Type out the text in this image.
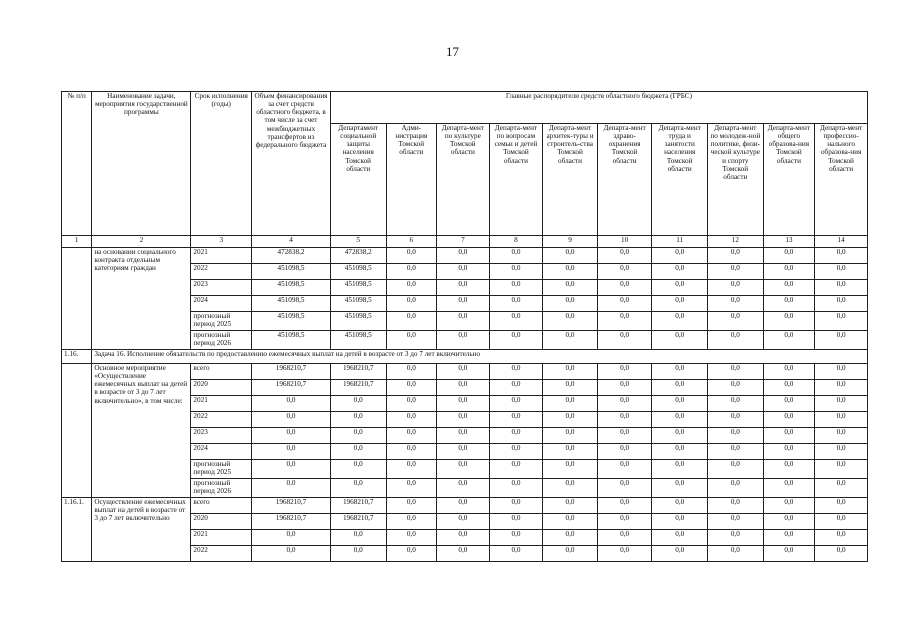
17
№ п/п	Наименование задачи, мероприятия государственной программы	Срок исполнения (годы)	Объем финансирования за счет средств областного бюджета, в том числе за счет межбюджетных трансфертов из федерального бюджета	Главные распорядители средств областного бюджета (ГРБС)									
				Департамент социальной защиты населения Томской области	Адми-нистрация Томской области	Департа-мент по культуре Томской области	Департа-мент по вопросам семьи и детей Томской области	Департа-мент архитек-туры и строитель-ства Томской области	Департа-мент здраво-охранения Томской области	Департа-мент труда и занятости населения Томской области	Департа-мент по молодеж-ной политике, физи-ческой культуре и спорту Томской области	Департа-мент общего образова-ния Томской области	Департа-мент профессио-нального образова-ния Томской области
1	2	3	4	5	6	7	8	9	10	11	12	13	14
	на основании социального контракта отдельным категориям граждан	2021	472838,2	472838,2	0,0	0,0	0,0	0,0	0,0	0,0	0,0	0,0	0,0
		2022	451098,5	451098,5	0,0	0,0	0,0	0,0	0,0	0,0	0,0	0,0	0,0
		2023	451098,5	451098,5	0,0	0,0	0,0	0,0	0,0	0,0	0,0	0,0	0,0
		2024	451098,5	451098,5	0,0	0,0	0,0	0,0	0,0	0,0	0,0	0,0	0,0
		прогнозный период 2025	451098,5	451098,5	0,0	0,0	0,0	0,0	0,0	0,0	0,0	0,0	0,0
		прогнозный период 2026	451098,5	451098,5	0,0	0,0	0,0	0,0	0,0	0,0	0,0	0,0	0,0
1.16.	Задача 16. Исполнение обязательств по предоставлению ежемесячных выплат на детей в возрасте от 3 до 7 лет включительно												
	Основное мероприятие «Осуществление ежемесячных выплат на детей в возрасте от 3 до 7 лет включительно», в том числе:	всего	1968210,7	1968210,7	0,0	0,0	0,0	0,0	0,0	0,0	0,0	0,0	0,0
		2020	1968210,7	1968210,7	0,0	0,0	0,0	0,0	0,0	0,0	0,0	0,0	0,0
		2021	0,0	0,0	0,0	0,0	0,0	0,0	0,0	0,0	0,0	0,0	0,0
		2022	0,0	0,0	0,0	0,0	0,0	0,0	0,0	0,0	0,0	0,0	0,0
		2023	0,0	0,0	0,0	0,0	0,0	0,0	0,0	0,0	0,0	0,0	0,0
		2024	0,0	0,0	0,0	0,0	0,0	0,0	0,0	0,0	0,0	0,0	0,0
		прогнозный период 2025	0,0	0,0	0,0	0,0	0,0	0,0	0,0	0,0	0,0	0,0	0,0
		прогнозный период 2026	0,0	0,0	0,0	0,0	0,0	0,0	0,0	0,0	0,0	0,0	0,0
1.16.1.	Осуществление ежемесячных выплат на детей в возрасте от 3 до 7 лет включительно	всего	1968210,7	1968210,7	0,0	0,0	0,0	0,0	0,0	0,0	0,0	0,0	0,0
		2020	1968210,7	1968210,7	0,0	0,0	0,0	0,0	0,0	0,0	0,0	0,0	0,0
		2021	0,0	0,0	0,0	0,0	0,0	0,0	0,0	0,0	0,0	0,0	0,0
		2022	0,0	0,0	0,0	0,0	0,0	0,0	0,0	0,0	0,0	0,0	0,0
